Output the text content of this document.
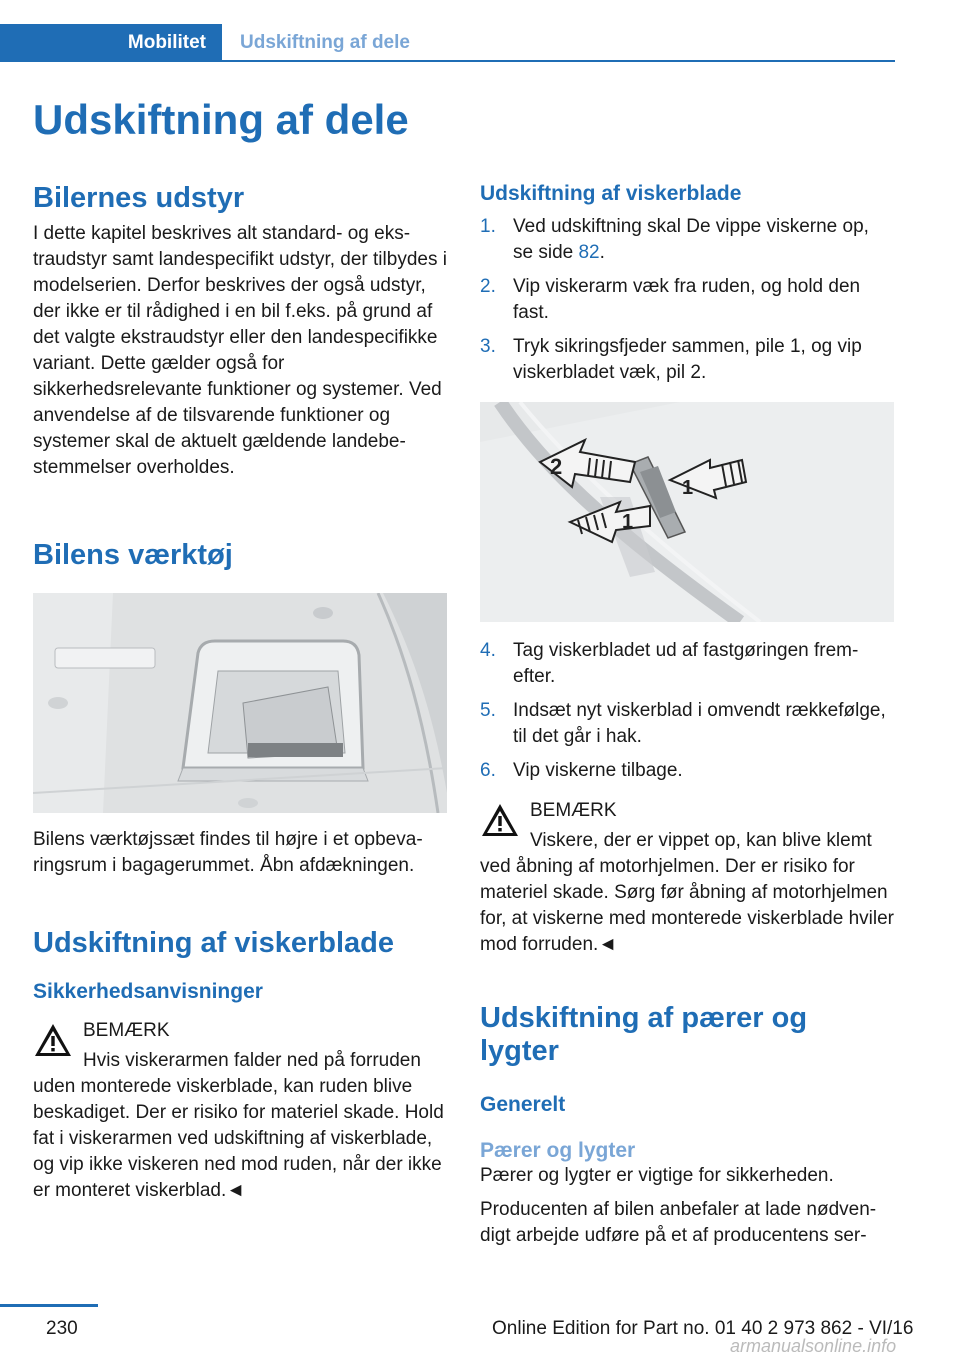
Mobilitet	Udskiftning af dele
Udskiftning af dele
Bilernes udstyr

I dette kapitel beskrives alt standard- og ekstraudstyr samt landespecifikt udstyr, der tilbydes i modelserien. Derfor beskrives der også udstyr, der ikke er til rådighed i en bil f.eks. på grund af det valgte ekstraudstyr eller den landespecifikke variant. Dette gælder også for sikkerhedsrelevante funktioner og systemer. Ved anvendelse af de tilsvarende funktioner og systemer skal de aktuelt gældende landebestemmelser overholdes.

Bilens værktøj

Bilens værktøjssæt findes til højre i et opbevaringsrum i bagagerummet. Åbn afdækningen.

Udskiftning af viskerblade
Sikkerhedsanvisninger
BEMÆRK
Hvis viskerarmen falder ned på forruden
uden monterede viskerblade, kan ruden blive beskadiget. Der er risiko for materiel skade. Hold fat i viskerarmen ved udskiftning af viskerblade, og vip ikke viskeren ned mod ruden, når der ikke er monteret viskerblad.◄
Udskiftning af viskerblade
1. Ved udskiftning skal De vippe viskerne op, se side 82.
2. Vip viskerarm væk fra ruden, og hold den fast.
3. Tryk sikringsfjeder sammen, pile 1, og vip viskerbladet væk, pil 2.
2
1
1
4. Tag viskerbladet ud af fastgøringen fremefter.
5. Indsæt nyt viskerblad i omvendt rækkefølge, til det går i hak.
6. Vip viskerne tilbage.
BEMÆRK
Viskere, der er vippet op, kan blive klemt
ved åbning af motorhjelmen. Der er risiko for materiel skade. Sørg før åbning af motorhjelmen for, at viskerne med monterede viskerblade hviler mod forruden.◄
Udskiftning af pærer og lygter
Generelt
Pærer og lygter

Pærer og lygter er vigtige for sikkerheden.

Producenten af bilen anbefaler at lade nødvendigt arbejde udføre på et af producentens ser-

230	Online Edition for Part no. 01 40 2 973 862 - VI/16
armanualsonline.info
